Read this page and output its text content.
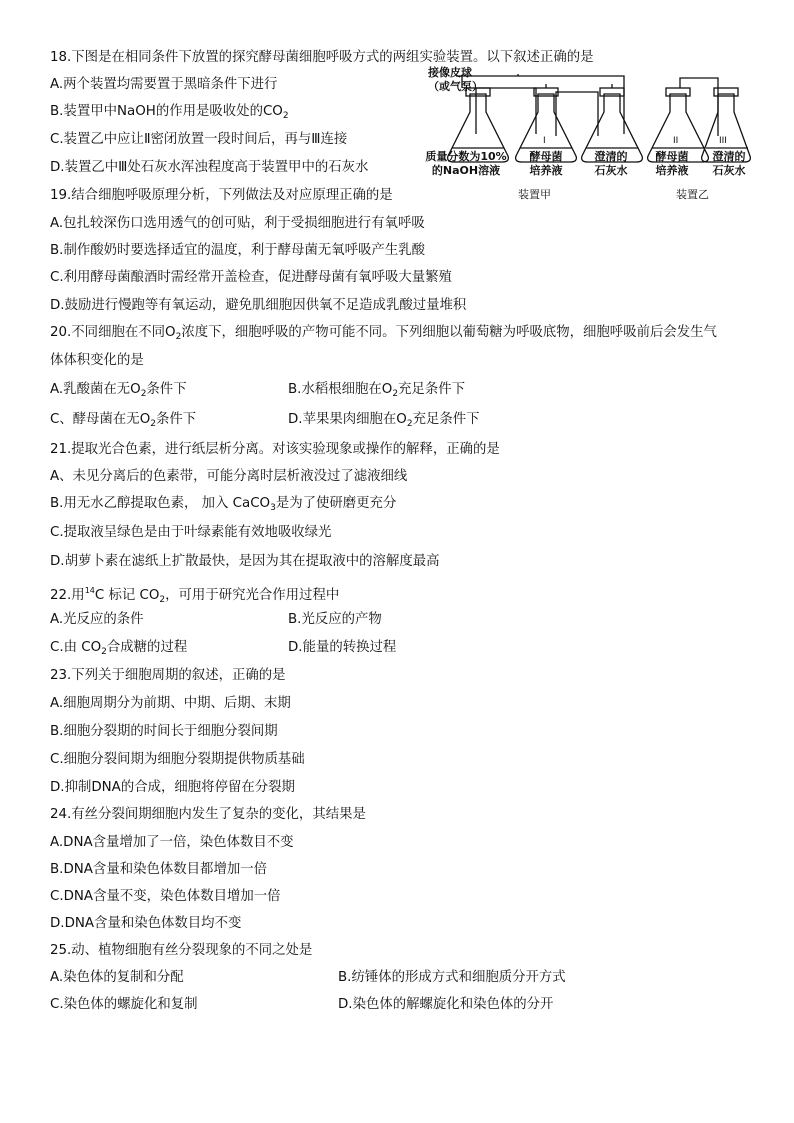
18.下图是在相同条件下放置的探究酵母菌细胞呼吸方式的两组实验装置。以下叙述正确的是
A.两个装置均需要置于黑暗条件下进行
B.装置甲中NaOH的作用是吸收处的$CO_2$
C.装置乙中应让Ⅱ密闭放置一段时间后，再与Ⅲ连接
D.装置乙中Ⅲ处石灰水浑浊程度高于装置甲中的石灰水
接像皮球
（或气泵）
I	II	III
质量分数为10%
的NaOH溶液
酵母菌
培养液
澄清的
石灰水
酵母菌
培养液
澄清的
石灰水
装置甲	装置乙
19.结合细胞呼吸原理分析，下列做法及对应原理正确的是
A.包扎较深伤口选用透气的创可贴，利于受损细胞进行有氧呼吸
B.制作酸奶时要选择适宜的温度，利于酵母菌无氧呼吸产生乳酸
C.利用酵母菌酿酒时需经常开盖检查，促进酵母菌有氧呼吸大量繁殖
D.鼓励进行慢跑等有氧运动，避免肌细胞因供氧不足造成乳酸过量堆积
20.不同细胞在不同$O_2$浓度下，细胞呼吸的产物可能不同。下列细胞以葡萄糖为呼吸底物，细胞呼吸前后会发生气
体体积变化的是
A.乳酸菌在无$O_2$条件下	B.水稻根细胞在$O_2$充足条件下
C、酵母菌在无$O_2$条件下	D.苹果果肉细胞在$O_2$充足条件下
21.提取光合色素，进行纸层析分离。对该实验现象或操作的解释，正确的是
A、未见分离后的色素带，可能分离时层析液没过了滤液细线
B.用无水乙醇提取色素， 加入 CaCO$_3$是为了使研磨更充分
C.提取液呈绿色是由于叶绿素能有效地吸收绿光
D.胡萝卜素在滤纸上扩散最快，是因为其在提取液中的溶解度最高
22.用$^{14}$C 标记 $CO_2$，可用于研究光合作用过程中
A.光反应的条件	B.光反应的产物
C.由 $CO_2$合成糖的过程	D.能量的转换过程
23.下列关于细胞周期的叙述，正确的是
A.细胞周期分为前期、中期、后期、末期
B.细胞分裂期的时间长于细胞分裂间期
C.细胞分裂间期为细胞分裂期提供物质基础
D.抑制DNA的合成，细胞将停留在分裂期
24.有丝分裂间期细胞内发生了复杂的变化，其结果是
A.DNA含量增加了一倍，染色体数目不变
B.DNA含量和染色体数目都增加一倍
C.DNA含量不变，染色体数目增加一倍
D.DNA含量和染色体数目均不变
25.动、植物细胞有丝分裂现象的不同之处是
A.染色体的复制和分配	B.纺锤体的形成方式和细胞质分开方式
C.染色体的螺旋化和复制	D.染色体的解螺旋化和染色体的分开
